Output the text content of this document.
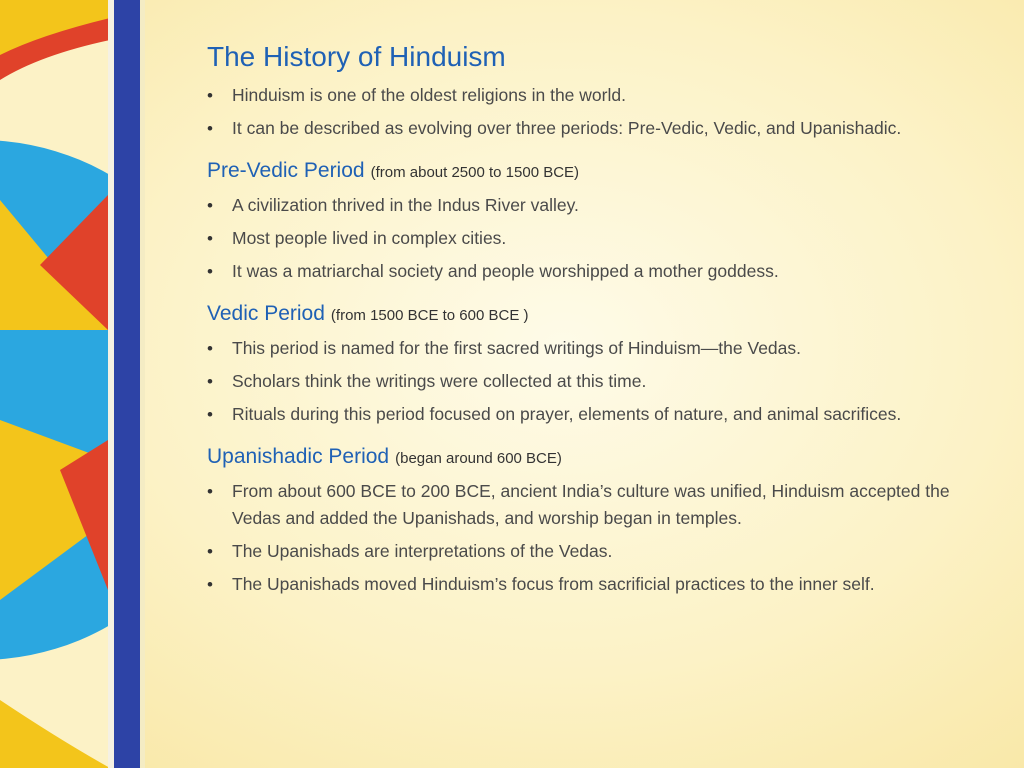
The History of Hinduism
• Hinduism is one of the oldest religions in the world.
• It can be described as evolving over three periods: Pre-Vedic, Vedic, and Upanishadic.
Pre-Vedic Period (from about 2500 to 1500 BCE)
• A civilization thrived in the Indus River valley.
• Most people lived in complex cities.
• It was a matriarchal society and people worshipped a mother goddess.
Vedic Period (from 1500 BCE to 600 BCE )
• This period is named for the first sacred writings of Hinduism—the Vedas.
• Scholars think the writings were collected at this time.
• Rituals during this period focused on prayer, elements of nature, and animal sacrifices.
Upanishadic Period (began around 600 BCE)
• From about 600 BCE to 200 BCE, ancient India’s culture was unified, Hinduism accepted the Vedas and added the Upanishads, and worship began in temples.
• The Upanishads are interpretations of the Vedas.
• The Upanishads moved Hinduism’s focus from sacrificial practices to the inner self.
